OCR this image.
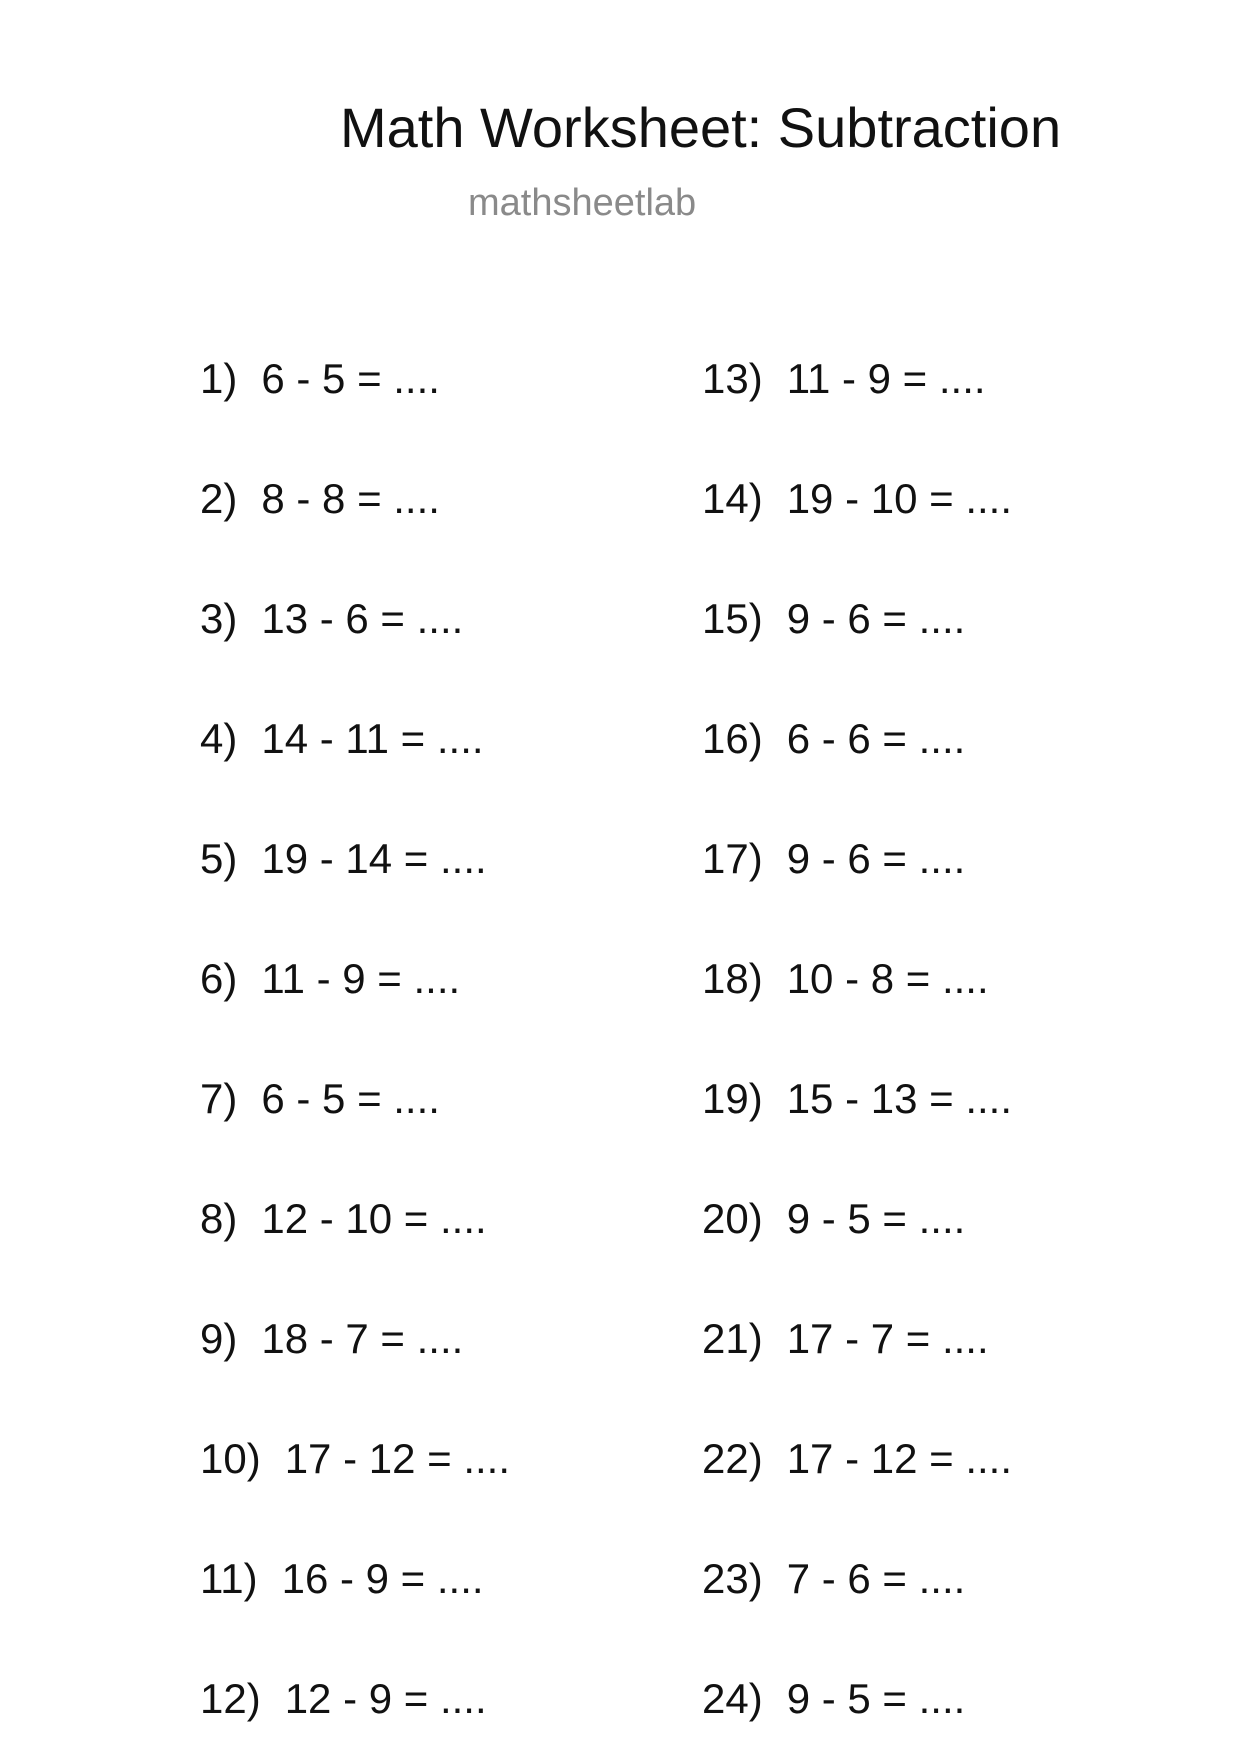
Math Worksheet: Subtraction
mathsheetlab
1) 6 - 5 = ....
2) 8 - 8 = ....
3) 13 - 6 = ....
4) 14 - 11 = ....
5) 19 - 14 = ....
6) 11 - 9 = ....
7) 6 - 5 = ....
8) 12 - 10 = ....
9) 18 - 7 = ....
10) 17 - 12 = ....
11) 16 - 9 = ....
12) 12 - 9 = ....
13) 11 - 9 = ....
14) 19 - 10 = ....
15) 9 - 6 = ....
16) 6 - 6 = ....
17) 9 - 6 = ....
18) 10 - 8 = ....
19) 15 - 13 = ....
20) 9 - 5 = ....
21) 17 - 7 = ....
22) 17 - 12 = ....
23) 7 - 6 = ....
24) 9 - 5 = ....
